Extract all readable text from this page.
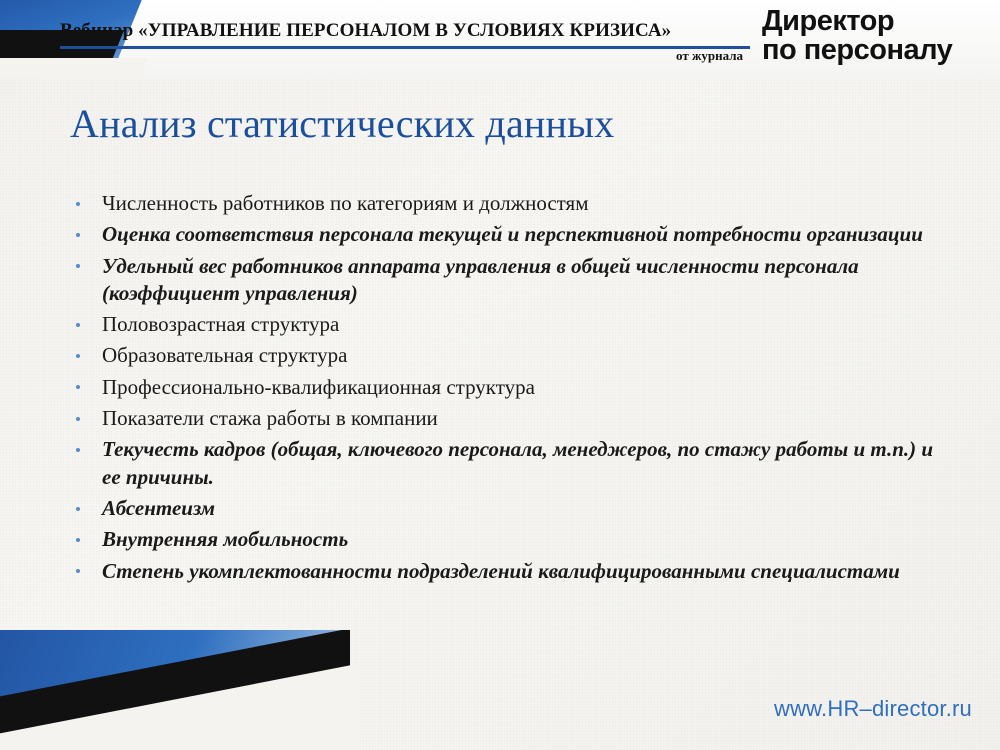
Вебинар «УПРАВЛЕНИЕ ПЕРСОНАЛОМ В УСЛОВИЯХ КРИЗИСА»
от журнала
Директор
по персоналу
Анализ статистических данных
Численность работников по категориям и должностям
Оценка соответствия персонала текущей и перспективной потребности организации
Удельный вес работников аппарата управления в общей численности персонала (коэффициент управления)
Половозрастная структура
Образовательная структура
Профессионально-квалификационная структура
Показатели стажа работы в компании
Текучесть кадров (общая, ключевого персонала, менеджеров, по стажу работы и т.п.) и ее причины.
Абсентеизм
Внутренняя мобильность
Степень укомплектованности подразделений квалифицированными специалистами
www.HR–director.ru
